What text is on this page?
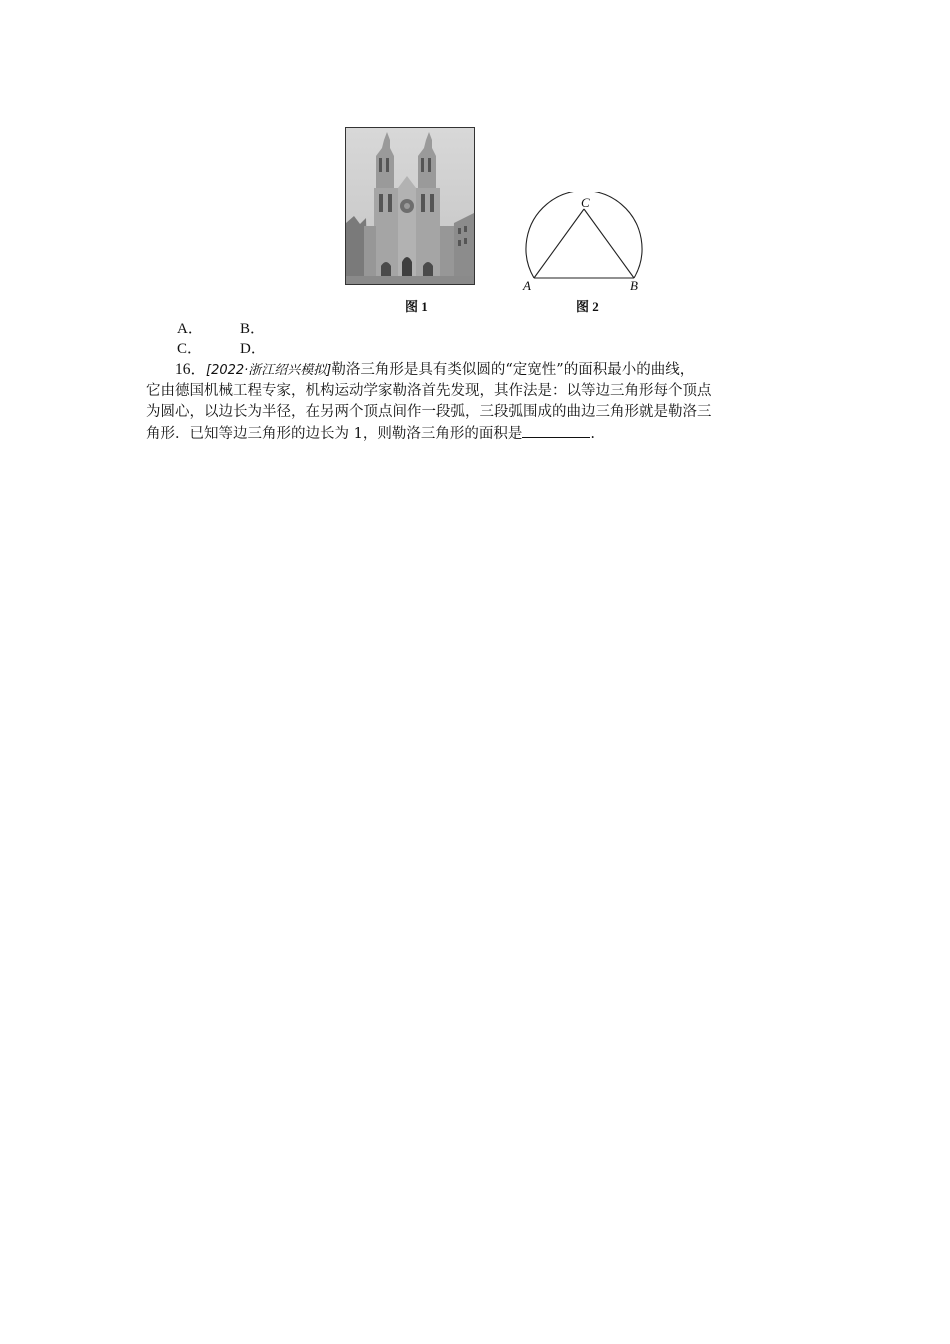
图 1
C
A	B
图 2
A． B．
C．	D．

16．[2022·浙江绍兴模拟]勒洛三角形是具有类似圆的“定宽性”的面积最小的曲线，

它由德国机械工程专家，机构运动学家勒洛首先发现，其作法是：以等边三角形每个顶点

为圆心，以边长为半径，在另两个顶点间作一段弧，三段弧围成的曲边三角形就是勒洛三

角形．已知等边三角形的边长为 1，则勒洛三角形的面积是	.
